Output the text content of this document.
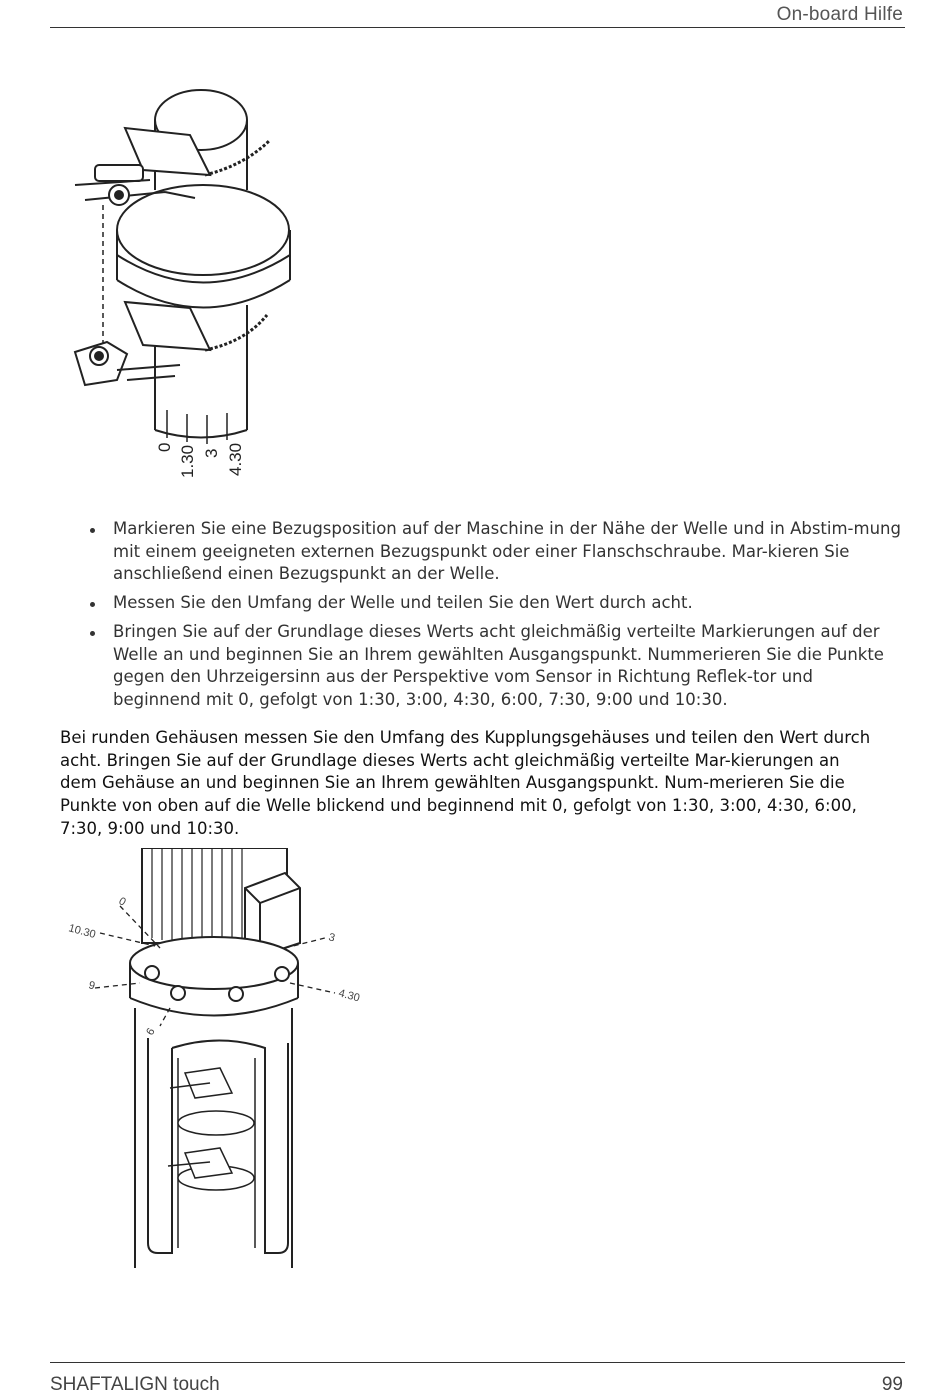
On-board Hilfe
0 1.30 3 4.30
Markieren Sie eine Bezugsposition auf der Maschine in der Nähe der Welle und in Abstim-mung mit einem geeigneten externen Bezugspunkt oder einer Flanschschraube. Mar-kieren Sie anschließend einen Bezugspunkt an der Welle.
Messen Sie den Umfang der Welle und teilen Sie den Wert durch acht.
Bringen Sie auf der Grundlage dieses Werts acht gleichmäßig verteilte Markierungen auf der Welle an und beginnen Sie an Ihrem gewählten Ausgangspunkt. Nummerieren Sie die Punkte gegen den Uhrzeigersinn aus der Perspektive vom Sensor in Richtung Reflek-tor und beginnend mit 0, gefolgt von 1:30, 3:00, 4:30, 6:00, 7:30, 9:00 und 10:30.

Bei runden Gehäusen messen Sie den Umfang des Kupplungsgehäuses und teilen den Wert durch acht. Bringen Sie auf der Grundlage dieses Werts acht gleichmäßig verteilte Mar-kierungen an dem Gehäuse an und beginnen Sie an Ihrem gewählten Ausgangspunkt. Num-merieren Sie die Punkte von oben auf die Welle blickend und beginnend mit 0, gefolgt von 1:30, 3:00, 4:30, 6:00, 7:30, 9:00 und 10:30.

0
10.30
9
3
4.30
6
SHAFTALIGN touch	99
